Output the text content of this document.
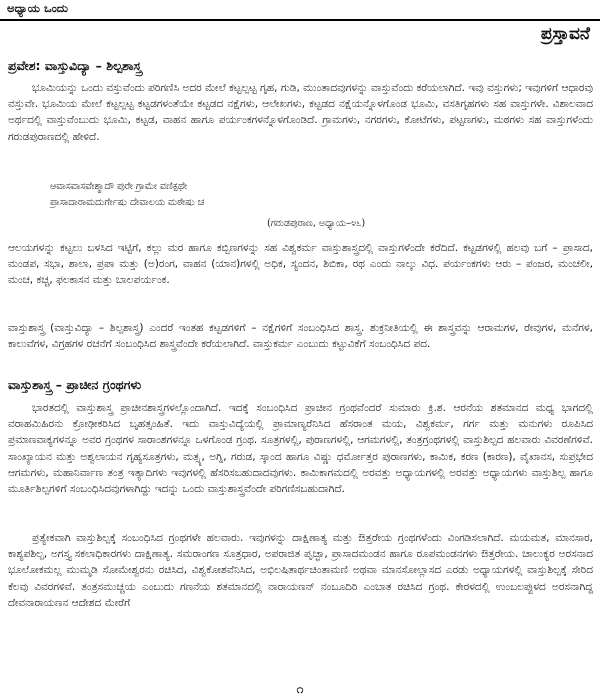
ಅಧ್ಯಾಯ ಒಂದು
ಪ್ರಸ್ತಾವನೆ
ಪ್ರವೇಶ: ವಾಸ್ತುವಿದ್ಯಾ – ಶಿಲ್ಪಶಾಸ್ತ್ರ

ಭೂಮಿಯನ್ನು ಒಂದು ವಸ್ತುವೆಂದು ಪರಿಗಣಿಸಿ ಅದರ ಮೇಲೆ ಕಟ್ಟಲ್ಪಟ್ಟ ಗೃಹ, ಗುಡಿ, ಮುಂತಾದವುಗಳನ್ನು ವಾಸ್ತುವೆಂದು ಕರೆಯಲಾಗಿದೆ. ಇವು ವಸ್ತುಗಳು; ಇವುಗಳಿಗೆ ಆಧಾರವು ವಸ್ತುವೇ. ಭೂಮಿಯ ಮೇಲೆ ಕಟ್ಟಲ್ಪಟ್ಟ ಕಟ್ಟಡಗಳಂತೆಯೇ ಕಟ್ಟಡದ ನಕ್ಷೆಗಳು, ಆಲೇಖಗಳು, ಕಟ್ಟಡದ ನಕ್ಷೆಯನ್ನೊಳಗೊಂಡ ಭೂಮಿ, ವಸತಿಗೃಹಗಳು ಸಹ ವಾಸ್ತುಗಳೇ. ವಿಶಾಲವಾದ ಅರ್ಥದಲ್ಲಿ ವಾಸ್ತುವೆಂಬುದು ಭೂಮಿ, ಕಟ್ಟಡ, ವಾಹನ ಹಾಗೂ ಪರ್ಯಂಕಗಳನ್ನೊಳಗೊಂಡಿದೆ. ಗ್ರಾಮಗಳು, ನಗರಗಳು, ಕೋಟೆಗಳು, ಪಟ್ಟಣಗಳು, ಮಠಗಳು ಸಹ ವಾಸ್ತುಗಳೆಂದು ಗರುಡಪುರಾಣದಲ್ಲಿ ಹೇಳಿದೆ.

ಆವಾಸವಾಸವೇಶ್ಮಾದೌ ಪುರೇ ಗ್ರಾಮೇ ವಣಿಕ್ಪಥೇ
ಪ್ರಾಸಾದಾರಾಮದುರ್ಗೇಷು ದೇವಾಲಯ ಮಠೇಷು ಚ
(ಗರುಡಪುರಾಣ, ಅಧ್ಯಾಯ–೪೬)

ಆಲಯಗಳನ್ನು ಕಟ್ಟಲು ಬಳಸಿದ ಇಟ್ಟಿಗೆ, ಕಲ್ಲು ಮರ ಹಾಗೂ ಕಬ್ಬಿಣಗಳನ್ನು ಸಹ ವಿಶ್ವಕರ್ಮ ವಾಸ್ತುಶಾಸ್ತ್ರದಲ್ಲಿ ವಾಸ್ತುಗಳೆಂದೇ ಕರೆದಿದೆ. ಕಟ್ಟಡಗಳಲ್ಲಿ ಹಲವು ಬಗೆ – ಪ್ರಾಸಾದ, ಮಂಡಪ, ಸಭಾ, ಶಾಲಾ, ಪ್ರಪಾ ಮತ್ತು (ಅ)ರಂಗ, ವಾಹನ (ಯಾನ)ಗಳಲ್ಲಿ ಅಧಿಕ, ಸ್ಯಂದನ, ಶಿಬಿಕಾ, ರಥ ಎಂದು ನಾಲ್ಕು ವಿಧ. ಪರ್ಯಂಕಗಳು ಆರು – ಪಂಜರ, ಮಂಚಲೀ, ಮಂಚ, ಕಚ್ಚ, ಫಲಕಾಸನ ಮತ್ತು ಬಾಲಪರ್ಯಂಕ.

ವಾಸ್ತುಶಾಸ್ತ್ರ (ವಾಸ್ತುವಿದ್ಯಾ – ಶಿಲ್ಪಶಾಸ್ತ್ರ) ಎಂದರೆ ಇಂತಹ ಕಟ್ಟಡಗಳಿಗೆ – ನಕ್ಷೆಗಳಿಗೆ ಸಂಬಂಧಿಸಿದ ಶಾಸ್ತ್ರ. ಶುಕ್ರನೀತಿಯಲ್ಲಿ ಈ ಶಾಸ್ತ್ರವನ್ನು ಆರಾಮಗಳ, ರೇವುಗಳ, ಮನೆಗಳ, ಕಾಲುವೆಗಳ, ವಿಗ್ರಹಗಳ ರಚನೆಗೆ ಸಂಬಂಧಿಸಿದ ಶಾಸ್ತ್ರವೆಂದೇ ಕರೆಯಲಾಗಿದೆ. ವಾಸ್ತುಕರ್ಮ ಎಂಬುದು ಕಟ್ಟುವಿಕೆಗೆ ಸಂಬಂಧಿಸಿದ ಪದ.

ವಾಸ್ತುಶಾಸ್ತ್ರ – ಪ್ರಾಚೀನ ಗ್ರಂಥಗಳು

ಭಾರತದಲ್ಲಿ ವಾಸ್ತುಶಾಸ್ತ್ರ ಪ್ರಾಚೀನಶಾಸ್ತ್ರಗಳಲ್ಲೊಂದಾಗಿದೆ. ಇದಕ್ಕೆ ಸಂಬಂಧಿಸಿದ ಪ್ರಾಚೀನ ಗ್ರಂಥವೆಂದರೆ ಸುಮಾರು ಕ್ರಿ.ಶ. ಆರನೆಯ ಶತಮಾನದ ಮಧ್ಯ ಭಾಗದಲ್ಲಿ ವರಾಹಮಿಹಿರನು ಕ್ರೋಢೀಕರಿಸಿದ ಬೃಹತ್ಸಂಹಿತೆ. ಇದು ವಾಸ್ತುವಿದ್ಯೆಯಲ್ಲಿ ಪ್ರಾಮಾಣ್ಯರೆನಿಸಿದ ಹೆಸರಾಂತ ಮಯ, ವಿಶ್ವಕರ್ಮ, ಗರ್ಗ ಮತ್ತು ಮನುಗಳು ರೂಪಿಸಿದ ಪ್ರಮಾಣವಾಕ್ಯಗಳನ್ನೂ ಅವರ ಗ್ರಂಥಗಳ ಸಾರಾಂಶಗಳನ್ನೂ ಒಳಗೊಂಡ ಗ್ರಂಥ. ಸೂತ್ರಗಳಲ್ಲಿ, ಪುರಾಣಗಳಲ್ಲಿ, ಆಗಮಗಳಲ್ಲಿ, ತಂತ್ರಗ್ರಂಥಗಳಲ್ಲಿ ವಾಸ್ತುಶಿಲ್ಪದ ಹಲವಾರು ವಿವರಣೆಗಳಿವೆ. ಸಾಂಖ್ಯಾಯನ ಮತ್ತು ಅಶ್ವಲಾಯನ ಗೃಹ್ಯಸೂತ್ರಗಳು, ಮತ್ಸ್ಯ, ಅಗ್ನಿ, ಗರುಡ, ಸ್ಕಾಂದ ಹಾಗೂ ವಿಷ್ಣು ಧರ್ಮೋತ್ತರ ಪುರಾಣಗಳು, ಕಾಮಿಕ, ಕರಣ (ಕಾರಣ), ವೈಖಾನಸ, ಸುಪ್ರಭೇದ ಆಗಮಗಳು, ಮಹಾನಿರ್ವಾಣ ತಂತ್ರ ಇತ್ಯಾದಿಗಳು ಇವುಗಳಲ್ಲಿ ಹೆಸರಿಸಬಹುದಾದವುಗಳು. ಕಾಮಿಕಾಗಮದಲ್ಲಿ ಅರವತ್ತು ಅಧ್ಯಾಯಗಳಲ್ಲಿ ಅರವತ್ತು ಅಧ್ಯಾಯಗಳು ವಾಸ್ತುಶಿಲ್ಪ ಹಾಗೂ ಮೂರ್ತಿಶಿಲ್ಪಗಳಿಗೆ ಸಂಬಂಧಿಸಿದವುಗಳಾಗಿದ್ದು ಇದನ್ನು ಒಂದು ವಾಸ್ತುಶಾಸ್ತ್ರವೆಂದೇ ಪರಿಗಣಿಸಬಹುದಾಗಿದೆ.

ಪ್ರತ್ಯೇಕವಾಗಿ ವಾಸ್ತುಶಿಲ್ಪಕ್ಕೆ ಸಂಬಂಧಿಸಿದ ಗ್ರಂಥಗಳೇ ಹಲವಾರು. ಇವುಗಳನ್ನು ದಾಕ್ಷಿಣಾತ್ಯ ಮತ್ತು ಔತ್ತರೇಯ ಗ್ರಂಥಗಳೆಂದು ವಿಂಗಡಿಸಲಾಗಿದೆ. ಮಯಮತ, ಮಾನಸಾರ, ಕಾಶ್ಯಪಶಿಲ್ಪ, ಅಗಸ್ತ್ಯ ಸಕಲಾಧಿಕಾರಗಳು ದಾಕ್ಷಿಣಾತ್ಯ. ಸಮರಾಂಗಣ ಸೂತ್ರಧಾರ, ಅಪರಾಜಿತ ಪೃಚ್ಛಾ, ಪ್ರಾಸಾದಮಂಡನ ಹಾಗೂ ರೂಪಮಂಡನಗಳು ಔತ್ತರೇಯ. ಚಾಲುಕ್ಯರ ಅರಸನಾದ ಭೂಲೋಕಮಲ್ಲ ಮುಮ್ಮಡಿ ಸೋಮೇಶ್ವರನು ರಚಿಸಿದ, ವಿಶ್ವಕೋಶವೆನಿಸಿದ, ಅಭಿಲಷಿತಾರ್ಥಚಿಂತಾಮಣಿ ಅಥವಾ ಮಾನಸೋಲ್ಲಾಸದ ಎರಡು ಅಧ್ಯಾಯಗಳಲ್ಲಿ ವಾಸ್ತುಶಿಲ್ಪಕ್ಕೆ ಸೇರಿದ ಕೆಲವು ವಿವರಗಳಿವೆ. ತಂತ್ರಸಮುಚ್ಚಯ ಎಂಬುದು ಗಣನೆಯ ಶತಮಾನದಲ್ಲಿ ನಾರಾಯಣನ್ ನಂಬೂದಿರಿ ಎಂಬಾತ ರಚಿಸಿದ ಗ್ರಂಥ. ಕೇರಳದಲ್ಲಿ ಉಂಬಲಪ್ಪುಳದ ಅರಸನಾಗಿದ್ದ ದೇವನಾರಾಯಣನ ಆದೇಶದ ಮೇರೆಗೆ

೧
